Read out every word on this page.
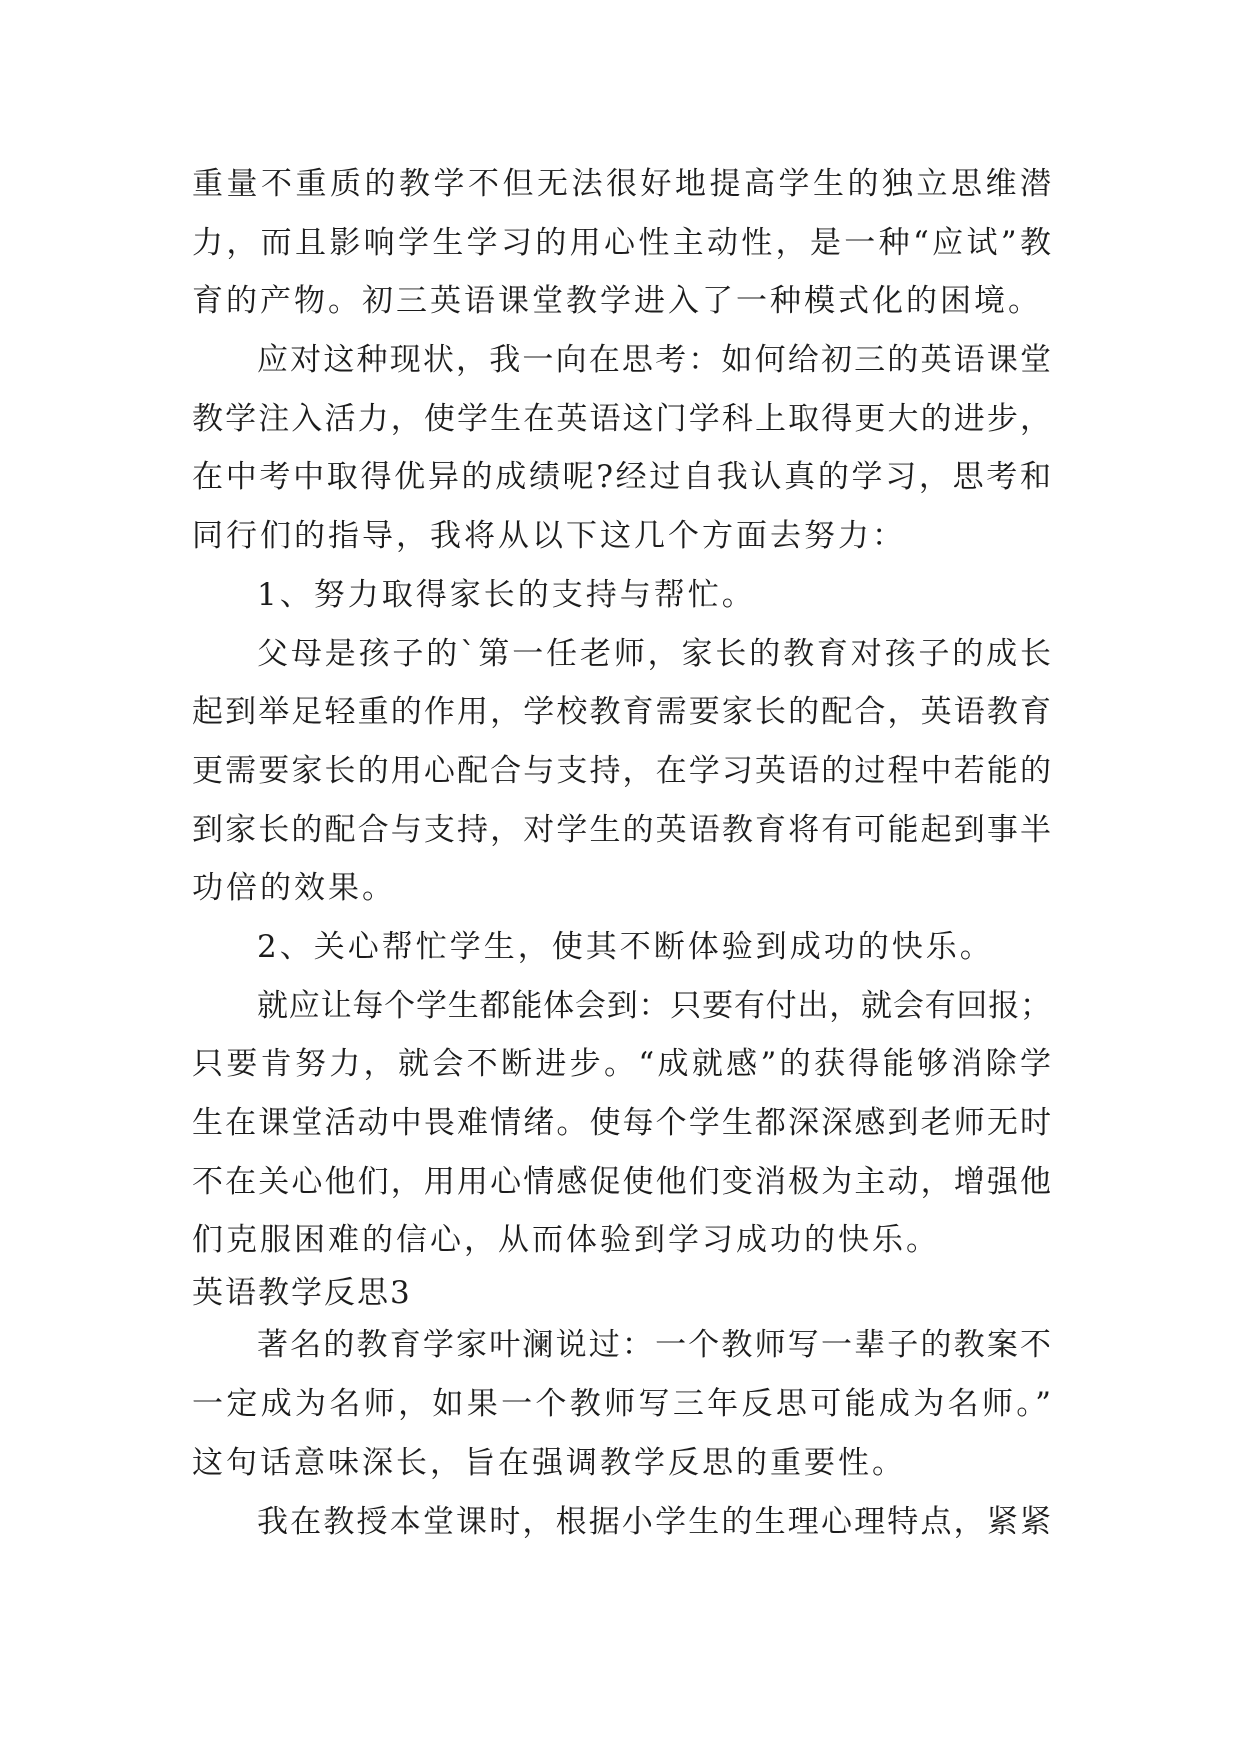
重量不重质的教学不但无法很好地提高学生的独立思维潜
力，而且影响学生学习的用心性主动性，是一种“应试”教
育的产物。初三英语课堂教学进入了一种模式化的困境。
应对这种现状，我一向在思考：如何给初三的英语课堂
教学注入活力，使学生在英语这门学科上取得更大的进步，
在中考中取得优异的成绩呢?经过自我认真的学习，思考和
同行们的指导，我将从以下这几个方面去努力：
1、努力取得家长的支持与帮忙。
父母是孩子的`第一任老师，家长的教育对孩子的成长
起到举足轻重的作用，学校教育需要家长的配合，英语教育
更需要家长的用心配合与支持，在学习英语的过程中若能的
到家长的配合与支持，对学生的英语教育将有可能起到事半
功倍的效果。
2、关心帮忙学生，使其不断体验到成功的快乐。
就应让每个学生都能体会到：只要有付出，就会有回报；
只要肯努力，就会不断进步。“成就感”的获得能够消除学
生在课堂活动中畏难情绪。使每个学生都深深感到老师无时
不在关心他们，用用心情感促使他们变消极为主动，增强他
们克服困难的信心，从而体验到学习成功的快乐。
英语教学反思3
著名的教育学家叶澜说过：一个教师写一辈子的教案不
一定成为名师，如果一个教师写三年反思可能成为名师。”
这句话意味深长，旨在强调教学反思的重要性。
我在教授本堂课时，根据小学生的生理心理特点，紧紧
